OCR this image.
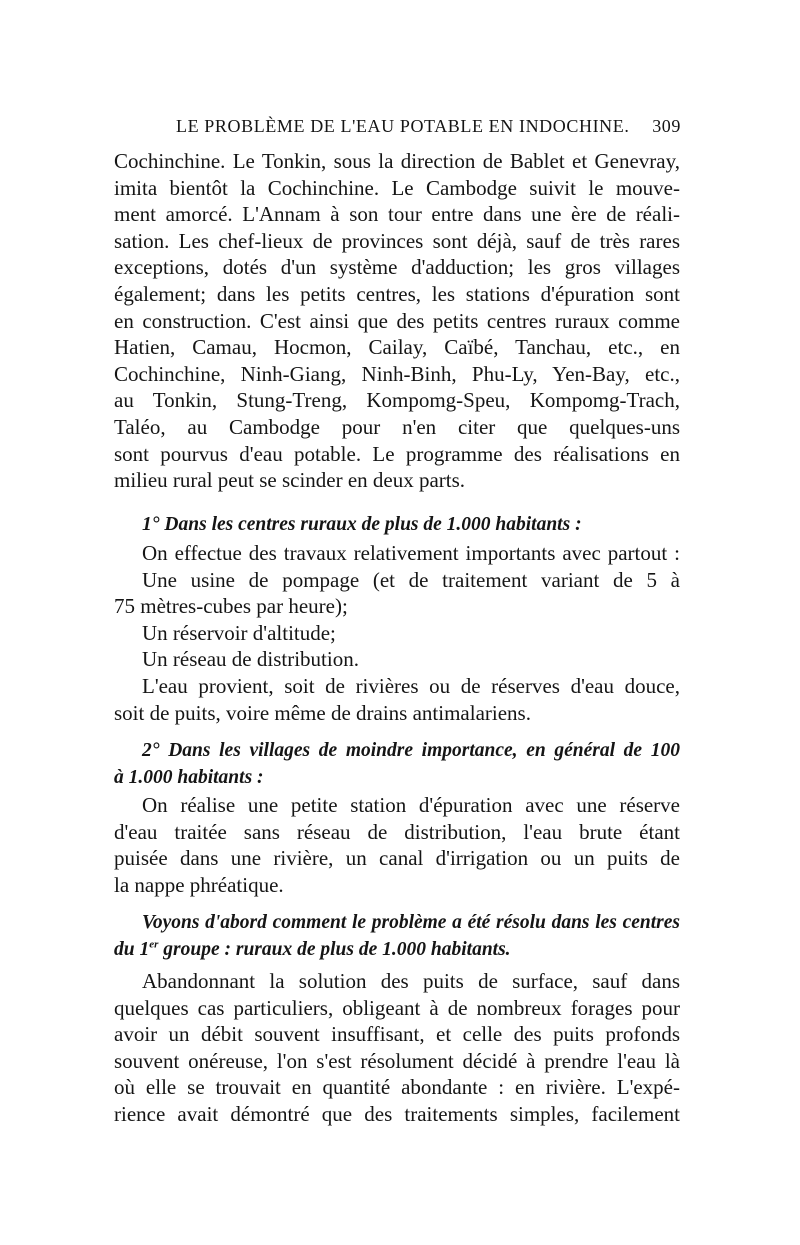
LE PROBLÈME DE L'EAU POTABLE EN INDOCHINE. 309
Cochinchine. Le Tonkin, sous la direction de Bablet et Genevray,
imita bientôt la Cochinchine. Le Cambodge suivit le mouve-
ment amorcé. L'Annam à son tour entre dans une ère de réali-
sation. Les chef-lieux de provinces sont déjà, sauf de très rares
exceptions, dotés d'un système d'adduction; les gros villages
également; dans les petits centres, les stations d'épuration sont
en construction. C'est ainsi que des petits centres ruraux comme
Hatien, Camau, Hocmon, Cailay, Caïbé, Tanchau, etc., en
Cochinchine, Ninh-Giang, Ninh-Binh, Phu-Ly, Yen-Bay, etc.,
au Tonkin, Stung-Treng, Kompomg-Speu, Kompomg-Trach,
Taléo, au Cambodge pour n'en citer que quelques-uns
sont pourvus d'eau potable. Le programme des réalisations en
milieu rural peut se scinder en deux parts.
1° Dans les centres ruraux de plus de 1.000 habitants :
On effectue des travaux relativement importants avec partout :
Une usine de pompage (et de traitement variant de 5 à
75 mètres-cubes par heure);
Un réservoir d'altitude;
Un réseau de distribution.
L'eau provient, soit de rivières ou de réserves d'eau douce,
soit de puits, voire même de drains antimalariens.
2° Dans les villages de moindre importance, en général de 100
à 1.000 habitants :
On réalise une petite station d'épuration avec une réserve
d'eau traitée sans réseau de distribution, l'eau brute étant
puisée dans une rivière, un canal d'irrigation ou un puits de
la nappe phréatique.
Voyons d'abord comment le problème a été résolu dans les centres
du 1er groupe : ruraux de plus de 1.000 habitants.
Abandonnant la solution des puits de surface, sauf dans
quelques cas particuliers, obligeant à de nombreux forages pour
avoir un débit souvent insuffisant, et celle des puits profonds
souvent onéreuse, l'on s'est résolument décidé à prendre l'eau là
où elle se trouvait en quantité abondante : en rivière. L'expé-
rience avait démontré que des traitements simples, facilement
